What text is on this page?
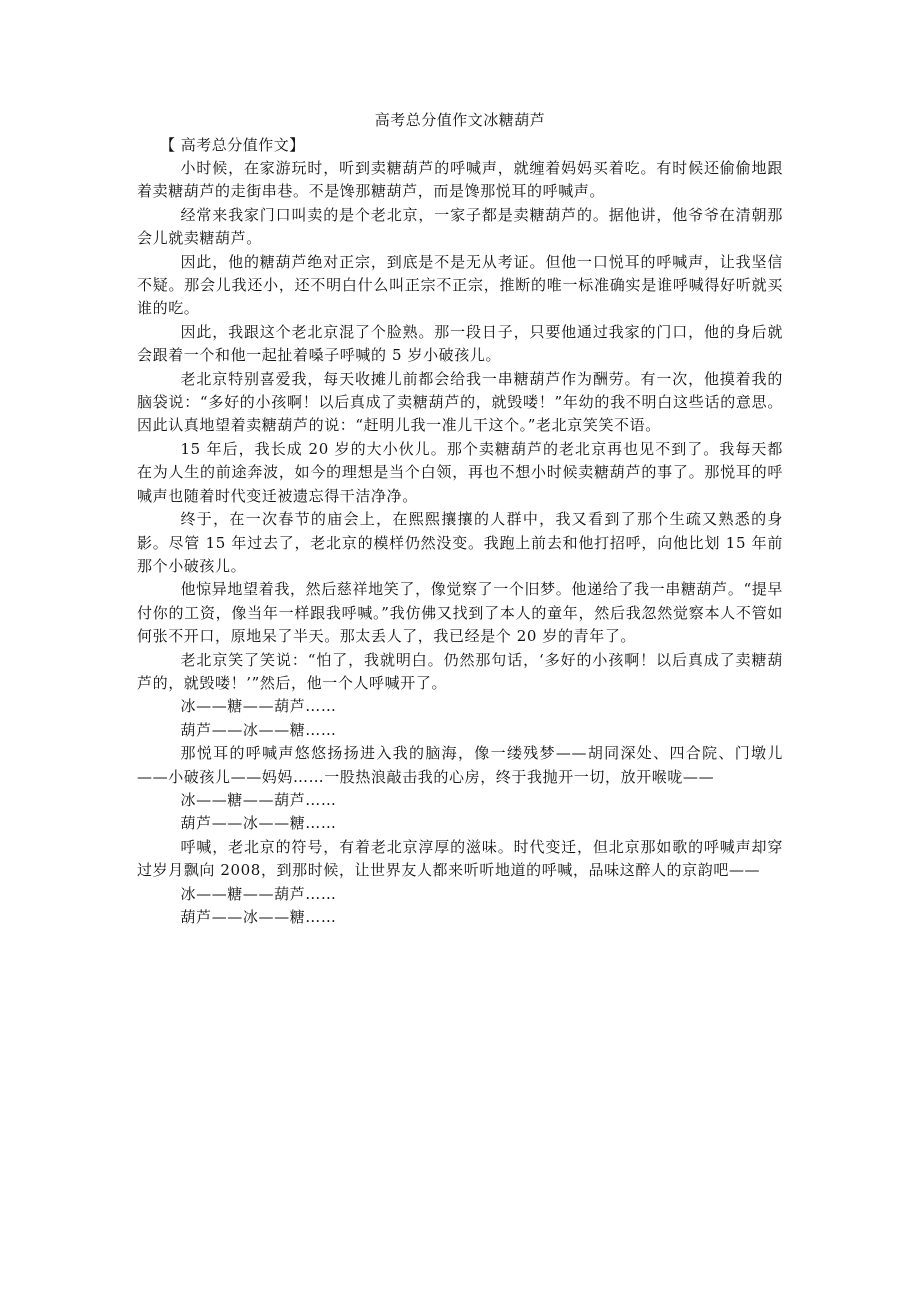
高考总分值作文冰糖葫芦
【 高考总分值作文】

小时候，在家游玩时，听到卖糖葫芦的呼喊声，就缠着妈妈买着吃。有时候还偷偷地跟着卖糖葫芦的走街串巷。不是馋那糖葫芦，而是馋那悦耳的呼喊声。

经常来我家门口叫卖的是个老北京，一家子都是卖糖葫芦的。据他讲，他爷爷在清朝那会儿就卖糖葫芦。

因此，他的糖葫芦绝对正宗，到底是不是无从考证。但他一口悦耳的呼喊声，让我坚信不疑。那会儿我还小，还不明白什么叫正宗不正宗，推断的唯一标准确实是谁呼喊得好听就买谁的吃。

因此，我跟这个老北京混了个脸熟。那一段日子，只要他通过我家的门口，他的身后就会跟着一个和他一起扯着嗓子呼喊的 5 岁小破孩儿。

老北京特别喜爱我，每天收摊儿前都会给我一串糖葫芦作为酬劳。有一次，他摸着我的脑袋说：“多好的小孩啊！以后真成了卖糖葫芦的，就毁喽！”年幼的我不明白这些话的意思。因此认真地望着卖糖葫芦的说：“赶明儿我一准儿干这个。”老北京笑笑不语。

15 年后，我长成 20 岁的大小伙儿。那个卖糖葫芦的老北京再也见不到了。我每天都在为人生的前途奔波，如今的理想是当个白领，再也不想小时候卖糖葫芦的事了。那悦耳的呼喊声也随着时代变迁被遗忘得干洁净净。

终于，在一次春节的庙会上，在熙熙攘攘的人群中，我又看到了那个生疏又熟悉的身影。尽管 15 年过去了，老北京的模样仍然没变。我跑上前去和他打招呼，向他比划 15 年前那个小破孩儿。

他惊异地望着我，然后慈祥地笑了，像觉察了一个旧梦。他递给了我一串糖葫芦。“提早付你的工资，像当年一样跟我呼喊。”我仿佛又找到了本人的童年，然后我忽然觉察本人不管如何张不开口，原地呆了半天。那太丢人了，我已经是个 20 岁的青年了。

老北京笑了笑说：“怕了，我就明白。仍然那句话，‘多好的小孩啊！以后真成了卖糖葫芦的，就毁喽！’”然后，他一个人呼喊开了。

冰——糖——葫芦……

葫芦——冰——糖……

那悦耳的呼喊声悠悠扬扬进入我的脑海，像一缕残梦——胡同深处、四合院、门墩儿——小破孩儿——妈妈……一股热浪敲击我的心房，终于我抛开一切，放开喉咙——

冰——糖——葫芦……

葫芦——冰——糖……

呼喊，老北京的符号，有着老北京淳厚的滋味。时代变迁，但北京那如歌的呼喊声却穿过岁月飘向 2008，到那时候，让世界友人都来听听地道的呼喊，品味这醉人的京韵吧——

冰——糖——葫芦……

葫芦——冰——糖……
